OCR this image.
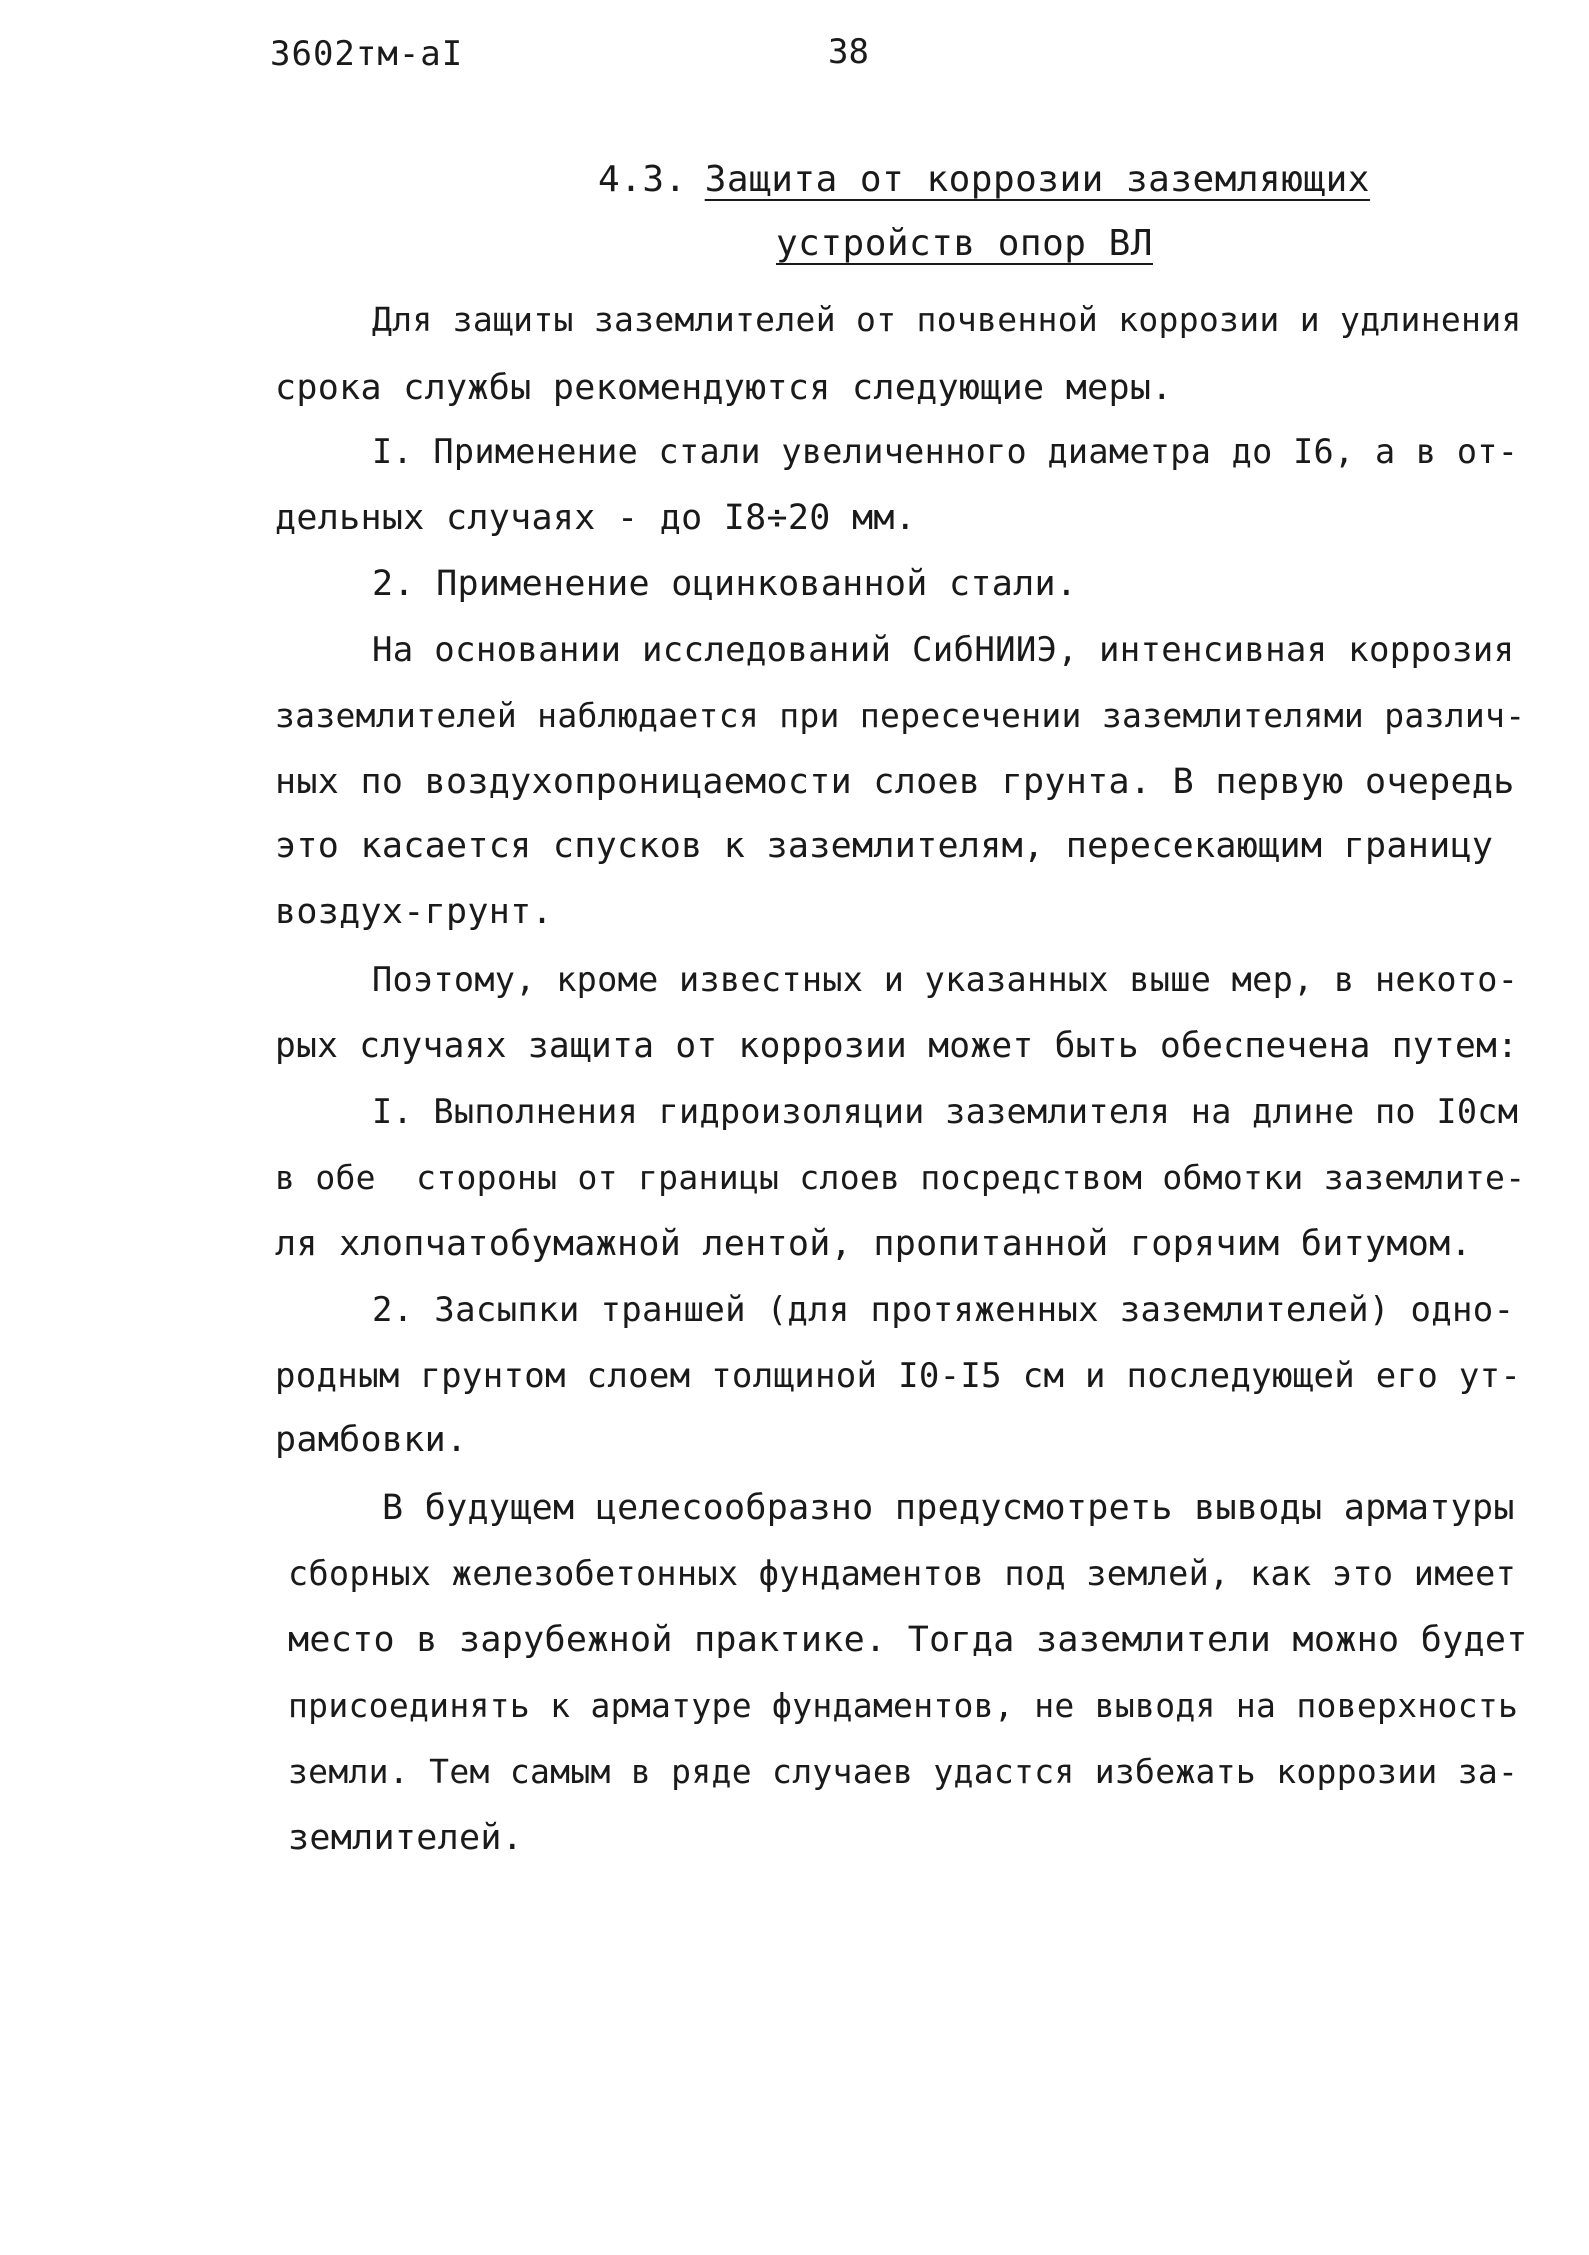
3602тм-аI	38
4.3. Защита от коррозии заземляющих
устройств опор ВЛ
Для защиты заземлителей от почвенной коррозии и удлинения
срока службы рекомендуются следующие меры.
I. Применение стали увеличенного диаметра до I6, а в от-
дельных случаях - до I8÷20 мм.
2. Применение оцинкованной стали.
На основании исследований СибНИИЭ, интенсивная коррозия
заземлителей наблюдается при пересечении заземлителями различ-
ных по воздухопроницаемости слоев грунта. В первую очередь
это касается спусков к заземлителям, пересекающим границу
воздух-грунт.
Поэтому, кроме известных и указанных выше мер, в некото-
рых случаях защита от коррозии может быть обеспечена путем:
I. Выполнения гидроизоляции заземлителя на длине по I0см
в обе  стороны от границы слоев посредством обмотки заземлите-
ля хлопчатобумажной лентой, пропитанной горячим битумом.
2. Засыпки траншей (для протяженных заземлителей) одно-
родным грунтом слоем толщиной I0-I5 см и последующей его ут-
рамбовки.
В будущем целесообразно предусмотреть выводы арматуры
сборных железобетонных фундаментов под землей, как это имеет
место в зарубежной практике. Тогда заземлители можно будет
присоединять к арматуре фундаментов, не выводя на поверхность
земли. Тем самым в ряде случаев удастся избежать коррозии за-
землителей.
